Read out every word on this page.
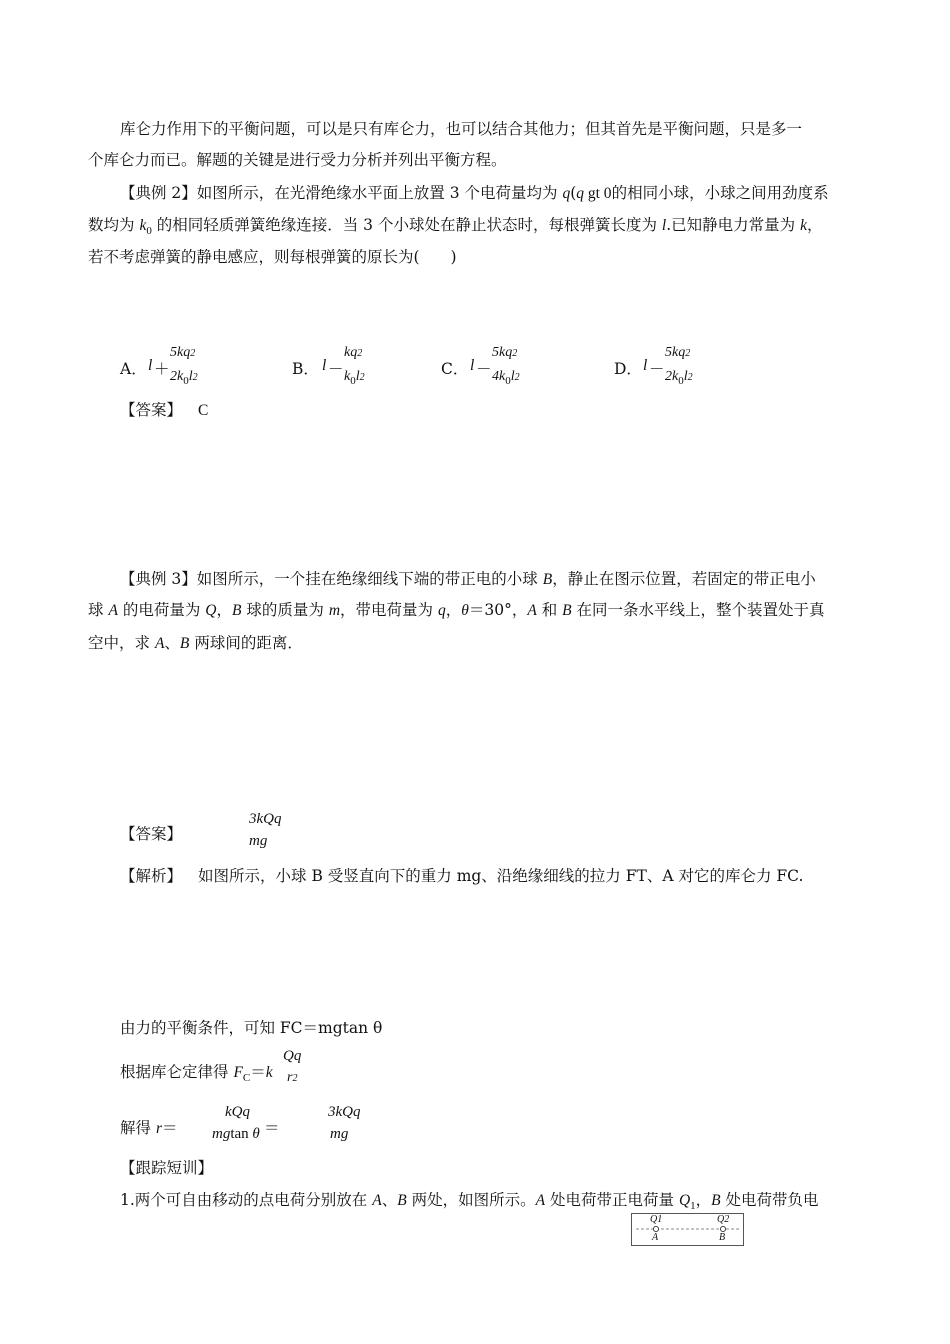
库仑力作用下的平衡问题，可以是只有库仑力，也可以结合其他力；但其首先是平衡问题，只是多一
个库仑力而已。解题的关键是进行受力分析并列出平衡方程。
【典例 2】如图所示，在光滑绝缘水平面上放置 3 个电荷量均为 q(q gt 0的相同小球，小球之间用劲度系
数均为 $k_0$ 的相同轻质弹簧绝缘连接．当 3 个小球处在静止状态时，每根弹簧长度为 l.已知静电力常量为 k，
若不考虑弹簧的静电感应，则每根弹簧的原长为(　　)
A． l ＋
5kq2
$2k_0l2$	B． l －
kq2
$k_0l2$	C． l －
5kq2
$4k_0l2$	D． l －
5kq2
$2k_0l2$
【答案】 C
【典例 3】如图所示，一个挂在绝缘细线下端的带正电的小球 B，静止在图示位置，若固定的带正电小
球 A 的电荷量为 Q，B 球的质量为 m，带电荷量为 q，θ＝30°，A 和 B 在同一条水平线上，整个装置处于真
空中，求 A、B 两球间的距离．
【答案】
3kQq
mg
【解析】 如图所示，小球 B 受竖直向下的重力 mg、沿绝缘细线的拉力 FT、A 对它的库仑力 FC.
由力的平衡条件，可知 FC＝mgtan θ
根据库仑定律得 $F_C=k$
Qq
r2
解得 r＝
kQq
mgtan θ ＝
3kQq
mg
【跟踪短训】
1.两个可自由移动的点电荷分别放在 A、B 两处，如图所示。A 处电荷带正电荷量 $Q_1$，B 处电荷带负电
Q1	Q2
A	B
